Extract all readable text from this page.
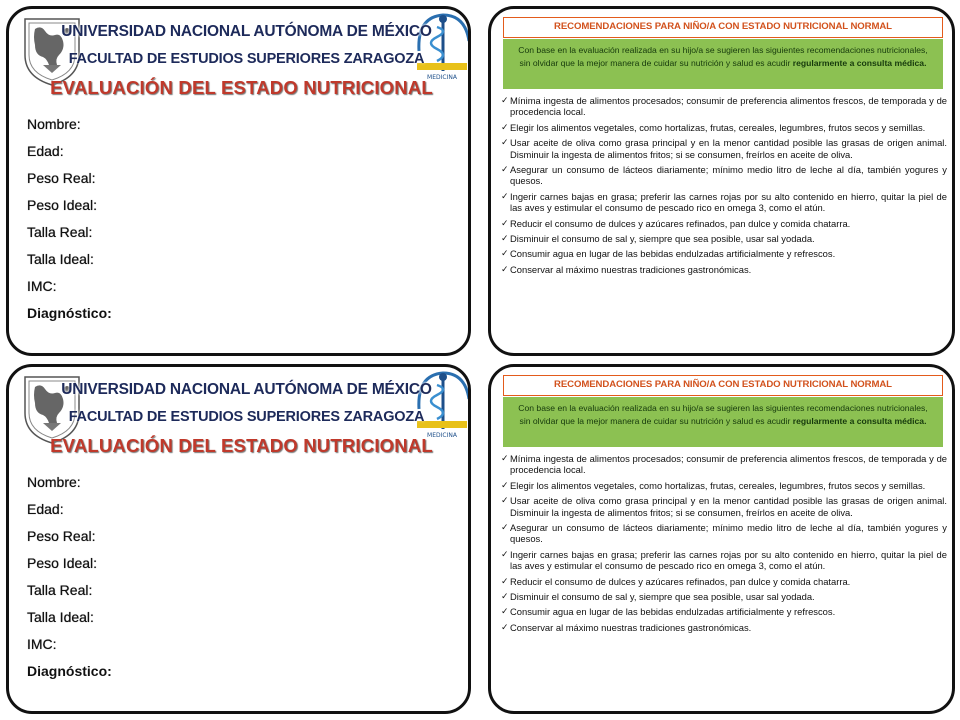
MEDICINA
UNIVERSIDAD NACIONAL AUTÓNOMA DE MÉXICO
FACULTAD DE ESTUDIOS SUPERIORES ZARAGOZA
EVALUACIÓN DEL ESTADO NUTRICIONAL
Nombre:
Edad:
Peso Real:
Peso Ideal:
Talla Real:
Talla Ideal:
IMC:
Diagnóstico:
RECOMENDACIONES PARA NIÑO/A CON ESTADO NUTRICIONAL NORMAL
Con base en la evaluación realizada en su hijo/a se sugieren las siguientes recomendaciones nutricionales, sin olvidar que la mejor manera de cuidar su nutrición y salud es acudir regularmente a consulta médica.
✓ Mínima ingesta de alimentos procesados; consumir de preferencia alimentos frescos, de temporada y de procedencia local.
✓ Elegir los alimentos vegetales, como hortalizas, frutas, cereales, legumbres, frutos secos y semillas.
✓ Usar aceite de oliva como grasa principal y en la menor cantidad posible las grasas de origen animal. Disminuir la ingesta de alimentos fritos; si se consumen, freírlos en aceite de oliva.
✓ Asegurar un consumo de lácteos diariamente; mínimo medio litro de leche al día, también yogures y quesos.
✓ Ingerir carnes bajas en grasa; preferir las carnes rojas por su alto contenido en hierro, quitar la piel de las aves y estimular el consumo de pescado rico en omega 3, como el atún.
✓ Reducir el consumo de dulces y azúcares refinados, pan dulce y comida chatarra.
✓ Disminuir el consumo de sal y, siempre que sea posible, usar sal yodada.
✓ Consumir agua en lugar de las bebidas endulzadas artificialmente y refrescos.
✓ Conservar al máximo nuestras tradiciones gastronómicas.
MEDICINA
UNIVERSIDAD NACIONAL AUTÓNOMA DE MÉXICO
FACULTAD DE ESTUDIOS SUPERIORES ZARAGOZA
EVALUACIÓN DEL ESTADO NUTRICIONAL
Nombre:
Edad:
Peso Real:
Peso Ideal:
Talla Real:
Talla Ideal:
IMC:
Diagnóstico:
RECOMENDACIONES PARA NIÑO/A CON ESTADO NUTRICIONAL NORMAL
Con base en la evaluación realizada en su hijo/a se sugieren las siguientes recomendaciones nutricionales, sin olvidar que la mejor manera de cuidar su nutrición y salud es acudir regularmente a consulta médica.
✓ Mínima ingesta de alimentos procesados; consumir de preferencia alimentos frescos, de temporada y de procedencia local.
✓ Elegir los alimentos vegetales, como hortalizas, frutas, cereales, legumbres, frutos secos y semillas.
✓ Usar aceite de oliva como grasa principal y en la menor cantidad posible las grasas de origen animal. Disminuir la ingesta de alimentos fritos; si se consumen, freírlos en aceite de oliva.
✓ Asegurar un consumo de lácteos diariamente; mínimo medio litro de leche al día, también yogures y quesos.
✓ Ingerir carnes bajas en grasa; preferir las carnes rojas por su alto contenido en hierro, quitar la piel de las aves y estimular el consumo de pescado rico en omega 3, como el atún.
✓ Reducir el consumo de dulces y azúcares refinados, pan dulce y comida chatarra.
✓ Disminuir el consumo de sal y, siempre que sea posible, usar sal yodada.
✓ Consumir agua en lugar de las bebidas endulzadas artificialmente y refrescos.
✓ Conservar al máximo nuestras tradiciones gastronómicas.
